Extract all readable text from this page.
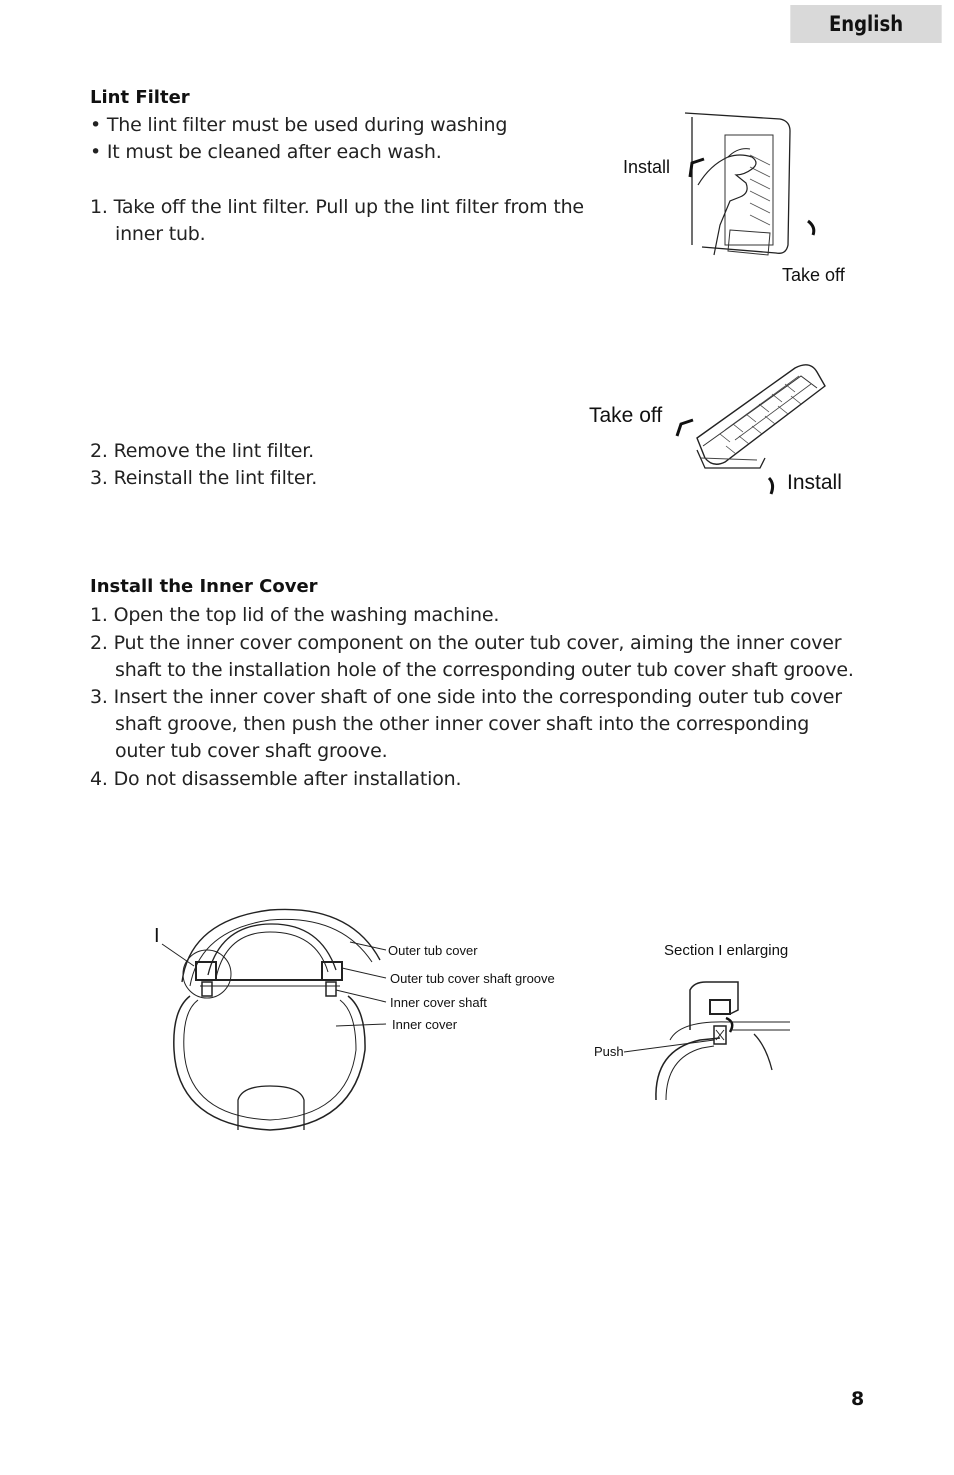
English
Lint Filter
• The lint filter must be used during washing
• It must be cleaned after each wash.
1. Take off the lint filter. Pull up the lint filter from the
inner tub.
2. Remove the lint filter.
3. Reinstall the lint filter.
Install
Take off
Take off
Install
Install the Inner Cover
1. Open the top lid of the washing machine.
2. Put the inner cover component on the outer tub cover, aiming the inner cover
shaft to the installation hole of the corresponding outer tub cover shaft groove.
3. Insert the inner cover shaft of one side into the corresponding outer tub cover
shaft groove, then push the other inner cover shaft into the corresponding
outer tub cover shaft groove.
4. Do not disassemble after installation.
I
Outer tub cover
Outer tub cover shaft groove
Inner cover shaft
Inner cover
Section I enlarging
Push
8
